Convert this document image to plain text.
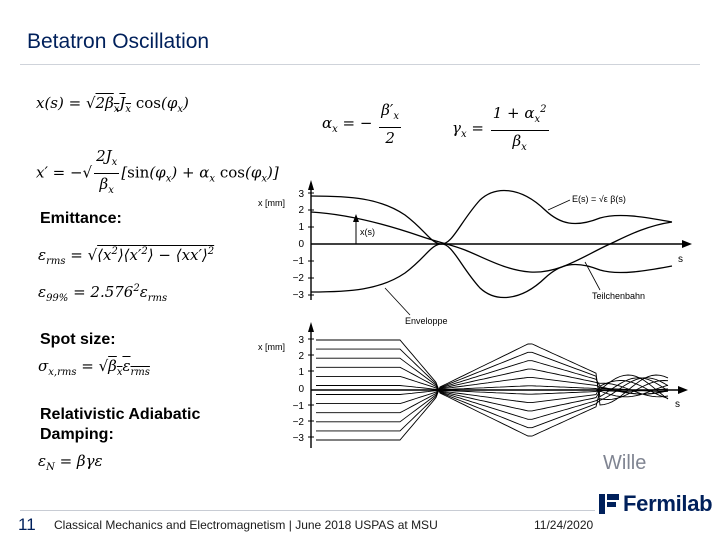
Betatron Oscillation
$x(s) = √2\beta_xJ_x$ $\cos(\varphi_x)$
$\alpha_x$ = − $\frac{\beta'_x}{2}$	$\gamma_x = \frac{1 + \alpha_x^2}{\beta_x}$
x′ = −√ $\frac{2J_x}{\beta_x} [\sin(\varphi_x) + \alpha_x$ $\cos(\varphi_x)$]
Emittance:
$\varepsilon_{rms}$ = $√⟨x^2⟩⟨x'^2⟩$ − ⟨xx′⟩$^2$
$\varepsilon_{99\%} = 2.576^2\varepsilon_{rms}$
Spot size:
$\sigma_{x,rms} = √\beta_x\varepsilon_{rms}$
Relativistic Adiabatic Damping:
$\varepsilon_N = \beta\gamma\varepsilon$
x [mm]
s
3
2
1
0
−1
−2
−3
x(s)
E(s) = √ε β(s)
Teilchenbahn
Enveloppe
x [mm]
s
3
2
1
0
−1
−2
−3
Wille
11 Classical Mechanics and Electromagnetism | June 2018 USPAS at MSU	11/24/2020
Fermilab
